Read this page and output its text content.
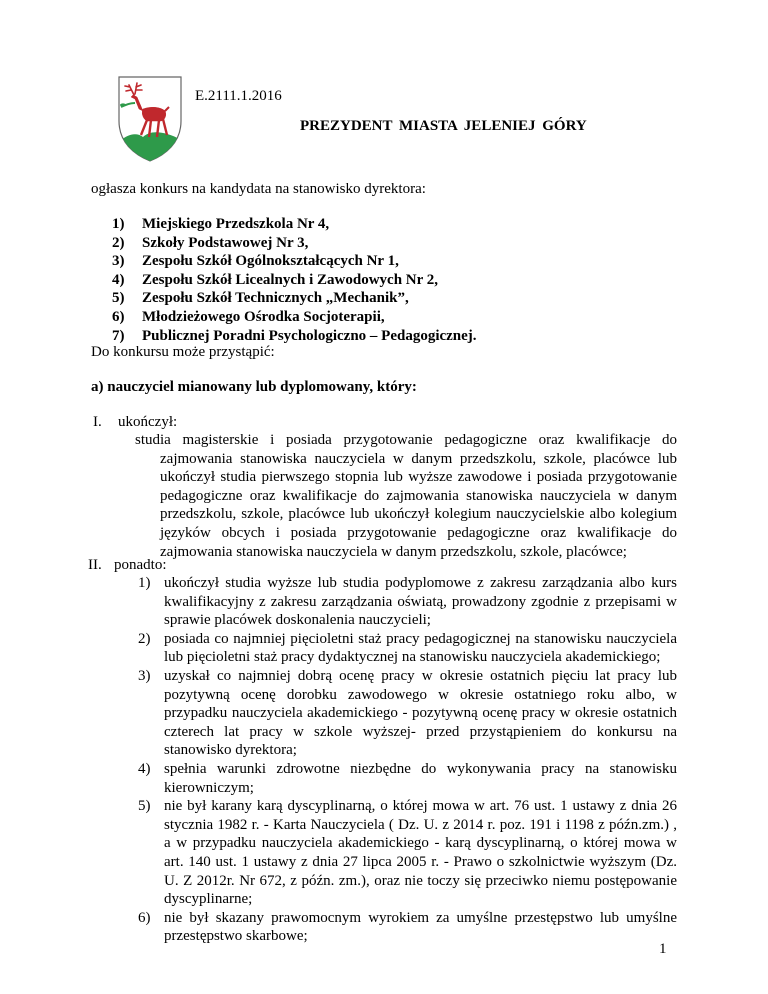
E.2111.1.2016
PREZYDENT MIASTA JELENIEJ GÓRY
ogłasza konkurs na kandydata na stanowisko dyrektora:
1) Miejskiego Przedszkola Nr 4,
2) Szkoły Podstawowej Nr 3,
3) Zespołu Szkół Ogólnokształcących Nr 1,
4) Zespołu Szkół Licealnych i Zawodowych Nr 2,
5) Zespołu Szkół Technicznych „Mechanik”,
6) Młodzieżowego Ośrodka Socjoterapii,
7) Publicznej Poradni Psychologiczno – Pedagogicznej.
Do konkursu może przystąpić:
a) nauczyciel mianowany lub dyplomowany, który:
I. ukończył:

studia magisterskie i posiada przygotowanie pedagogiczne oraz kwalifikacje do zajmowania stanowiska nauczyciela w danym przedszkolu, szkole, placówce lub ukończył studia pierwszego stopnia lub wyższe zawodowe i posiada przygotowanie pedagogiczne oraz kwalifikacje do zajmowania stanowiska nauczyciela w danym przedszkolu, szkole, placówce lub ukończył kolegium nauczycielskie albo kolegium języków obcych i posiada przygotowanie pedagogiczne oraz kwalifikacje do zajmowania stanowiska nauczyciela w danym przedszkolu, szkole, placówce;

II. ponadto:
1) ukończył studia wyższe lub studia podyplomowe z zakresu zarządzania albo kurs kwalifikacyjny z zakresu zarządzania oświatą, prowadzony zgodnie z przepisami w sprawie placówek doskonalenia nauczycieli;
2) posiada co najmniej pięcioletni staż pracy pedagogicznej na stanowisku nauczyciela lub pięcioletni staż pracy dydaktycznej na stanowisku nauczyciela akademickiego;
3) uzyskał co najmniej dobrą ocenę pracy w okresie ostatnich pięciu lat pracy lub pozytywną ocenę dorobku zawodowego w okresie ostatniego roku albo, w przypadku nauczyciela akademickiego - pozytywną ocenę pracy w okresie ostatnich czterech lat pracy w szkole wyższej- przed przystąpieniem do konkursu na stanowisko dyrektora;
4) spełnia warunki zdrowotne niezbędne do wykonywania pracy na stanowisku kierowniczym;
5) nie był karany karą dyscyplinarną, o której mowa w art. 76 ust. 1 ustawy z dnia 26 stycznia 1982 r. - Karta Nauczyciela ( Dz. U. z 2014 r. poz. 191 i 1198 z późn.zm.) , a w przypadku nauczyciela akademickiego - karą dyscyplinarną, o której mowa w art. 140 ust. 1 ustawy z dnia 27 lipca 2005 r. - Prawo o szkolnictwie wyższym (Dz. U. Z 2012r. Nr 672, z późn. zm.), oraz nie toczy się przeciwko niemu postępowanie dyscyplinarne;
6) nie był skazany prawomocnym wyrokiem za umyślne przestępstwo lub umyślne przestępstwo skarbowe;
1
